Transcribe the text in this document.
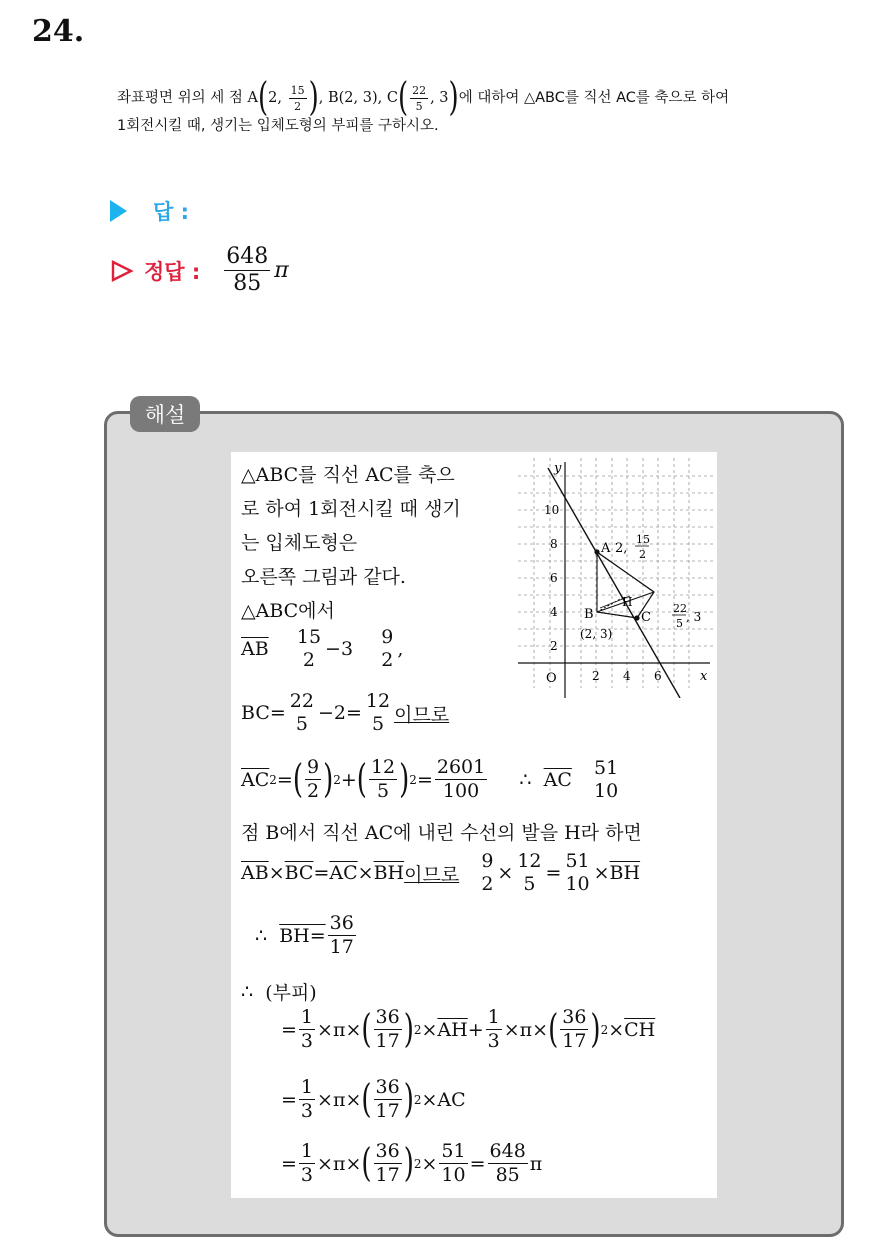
24.
좌표평면 위의 세 점 A(2, $\frac{15}{2}$ ), B(2, 3), $C( \frac{22}{5}$ , 3)에 대하여 △ABC를 직선 AC를 축으로 하여
1회전시킬 때, 생기는 입체도형의 부피를 구하시오.
답 :
정답 : $\frac{648}{85}$ π
해설
△ABC를 직선 AC를 축으
로 하여 1회전시킬 때 생기
는 입체도형은
오른쪽 그림과 같다.
△ABC에서
$\overline{AB}$

15
2 −3

9
2 ,
BC=
22
5 −2=
12
5 이므로
$\overline{AC}$ 2 = ( $\frac{9}{2}$ ) 2 + ( $\frac{12}{5}$ ) $2 = \frac{2601}{100}$
∴
$\overline{AC}$

51
10
점 B에서 직선 AC에 내린 수선의 발을 H라 하면
$\overline{AB} \times \overline{BC} = \overline{AC} \times \overline{BH}$ 이므로

9
2 ×
12
5 =
51
$10 \times \overline{BH}$
∴
$BH= \frac{36}{17}$
∴
(부피)
= $\frac{1}{3} \times \pi$ × ( $\frac{36}{17}$ ) $2 \times \overline{AH} + \frac{1}{3} \times \pi$ × ( $\frac{36}{17}$ ) $2 \times \overline{CH}$
= $\frac{1}{3} \times \pi$ × ( $\frac{36}{17}$ ) 2 × AC
= $\frac{1}{3} \times \pi$ × ( $\frac{36}{17}$ ) $2 \times \frac{51}{10} = \frac{648}{85}$ π
y
x
O
10
8
6
4
2
2 4 6
A 2,
15
2
B
(2, 3)
C
22
5 , 3
H
